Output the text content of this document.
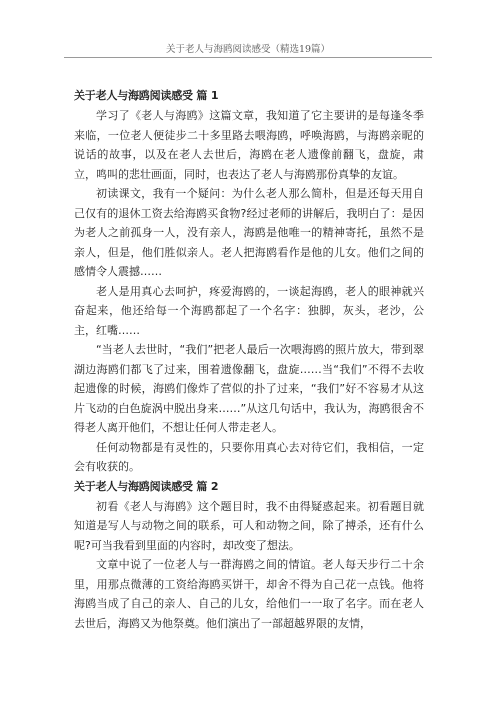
关于老人与海鸥阅读感受（精选19篇）

关于老人与海鸥阅读感受 篇 1

学习了《老人与海鸥》这篇文章，我知道了它主要讲的是每逢冬季来临，一位老人便徒步二十多里路去喂海鸥，呼唤海鸥，与海鸥亲昵的说话的故事，以及在老人去世后，海鸥在老人遗像前翻飞，盘旋，肃立，鸣叫的悲壮画面，同时，也表达了老人与海鸥那份真挚的友谊。

初读课文，我有一个疑问：为什么老人那么简朴，但是还每天用自己仅有的退休工资去给海鸥买食物?经过老师的讲解后，我明白了：是因为老人之前孤身一人，没有亲人，海鸥是他唯一的精神寄托，虽然不是亲人，但是，他们胜似亲人。老人把海鸥看作是他的儿女。他们之间的感情令人震撼……

老人是用真心去呵护，疼爱海鸥的，一谈起海鸥，老人的眼神就兴奋起来，他还给每一个海鸥都起了一个名字：独脚，灰头，老沙，公主，红嘴……

“当老人去世时，“我们”把老人最后一次喂海鸥的照片放大，带到翠湖边海鸥们都飞了过来，围着遗像翻飞，盘旋……当“我们”不得不去收起遗像的时候，海鸥们像炸了营似的扑了过来，“我们”好不容易才从这片飞动的白色旋涡中脱出身来……”从这几句话中，我认为，海鸥很舍不得老人离开他们，不想让任何人带走老人。

任何动物都是有灵性的，只要你用真心去对待它们，我相信，一定会有收获的。

关于老人与海鸥阅读感受 篇 2

初看《老人与海鸥》这个题目时，我不由得疑惑起来。初看题目就知道是写人与动物之间的联系，可人和动物之间，除了搏杀，还有什么呢?可当我看到里面的内容时，却改变了想法。

文章中说了一位老人与一群海鸥之间的情谊。老人每天步行二十余里，用那点微薄的工资给海鸥买饼干，却舍不得为自己花一点钱。他将海鸥当成了自己的亲人、自己的儿女，给他们一一取了名字。而在老人去世后，海鸥又为他祭奠。他们演出了一部超越界限的友情，
